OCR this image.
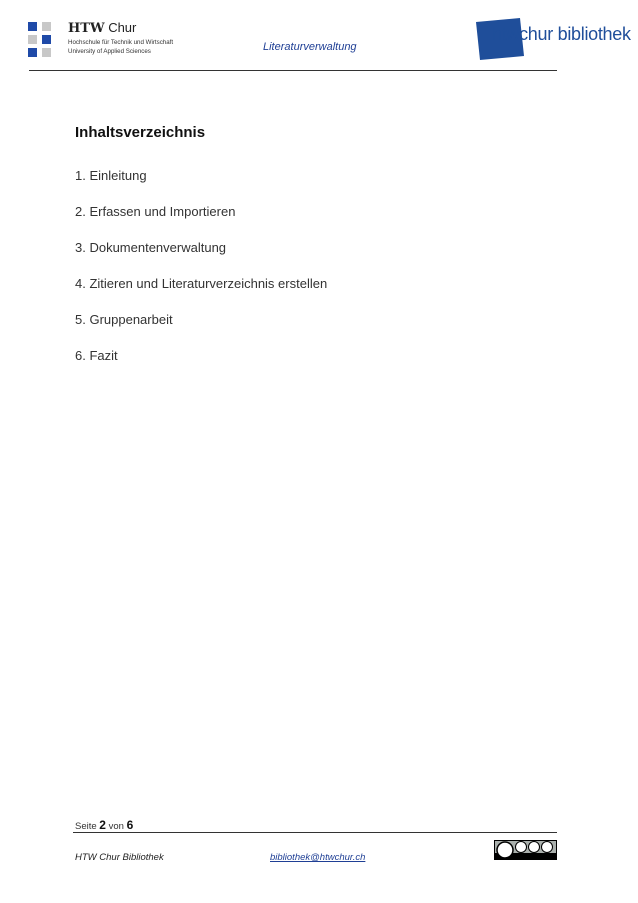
HTW Chur
Hochschule für Technik und Wirtschaft
University of Applied Sciences	Literaturverwaltung
htwchur bibliothek
Inhaltsverzeichnis
1. Einleitung
2. Erfassen und Importieren
3. Dokumentenverwaltung
4. Zitieren und Literaturverzeichnis erstellen
5. Gruppenarbeit
6. Fazit
Seite 2 von 6
HTW Chur Bibliothek	bibliothek@htwchur.ch
